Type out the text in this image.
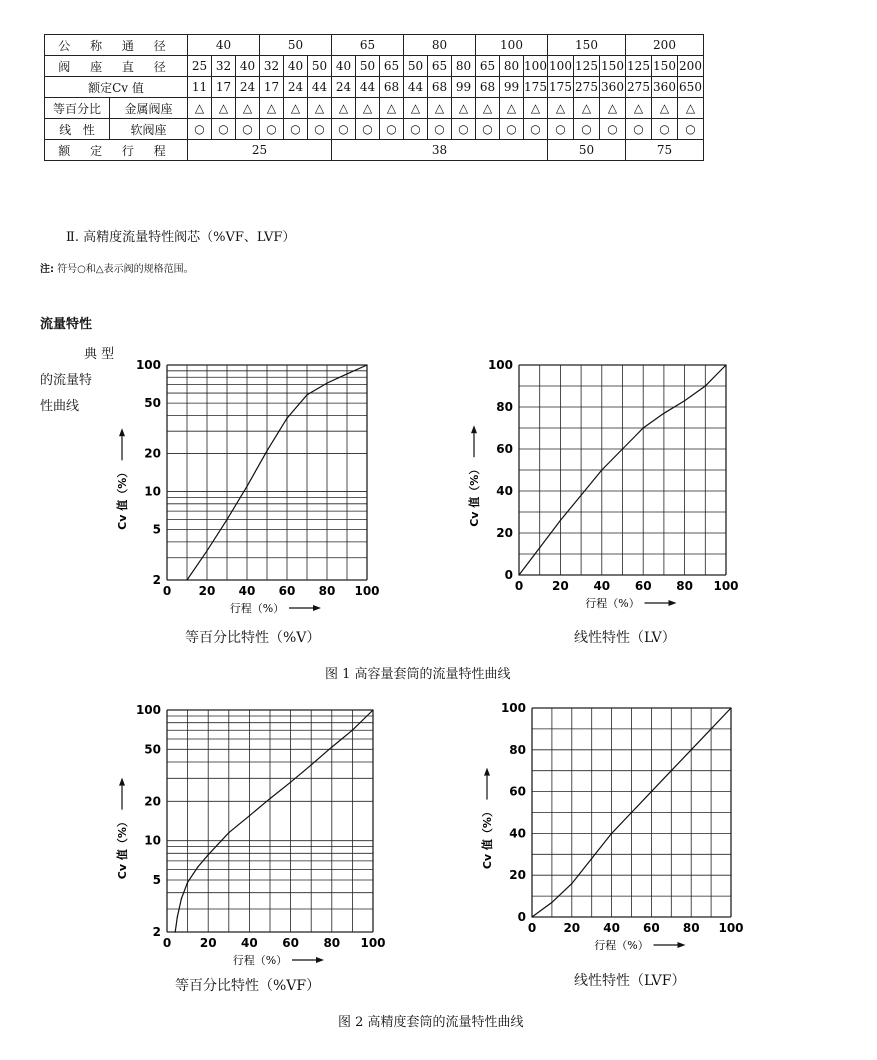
公 称 通 径		40			50			65			80			100			150			200		
阀 座 直 径		25	32	40	32	40	50	40	50	65	50	65	80	65	80	100	100	125	150	125	150	200
额定Cv 值		11	17	24	17	24	44	24	44	68	44	68	99	68	99	175	175	275	360	275	360	650
等百分比	金属阀座	△	△	△	△	△	△	△	△	△	△	△	△	△	△	△	△	△	△	△	△	△
线   性	软阀座	○	○	○	○	○	○	○	○	○	○	○	○	○	○	○	○	○	○	○	○	○
额 定 行 程		25						38									50			75		
Ⅱ. 高精度流量特性阀芯（%VF、LVF）
注: 符号○和△表示阀的规格范围。
流量特性
典 型
的流量特
性曲线
0 20 40 60 80 100
2
5
10
20
50
100
行程（%）
Cv 值（%）
0 20 40 60 80 100
0
20
40
60
80
100
行程（%）
Cv 值（%）
0 20 40 60 80 100
2
5
10
20
50
100
行程（%）
Cv 值（%）
0 20 40 60 80 100
0
20
40
60
80
100
行程（%）
Cv 值（%）
等百分比特性（%V）	线性特性（LV）
图 1 高容量套筒的流量特性曲线
等百分比特性（%VF）	线性特性（LVF）
图 2 高精度套筒的流量特性曲线
